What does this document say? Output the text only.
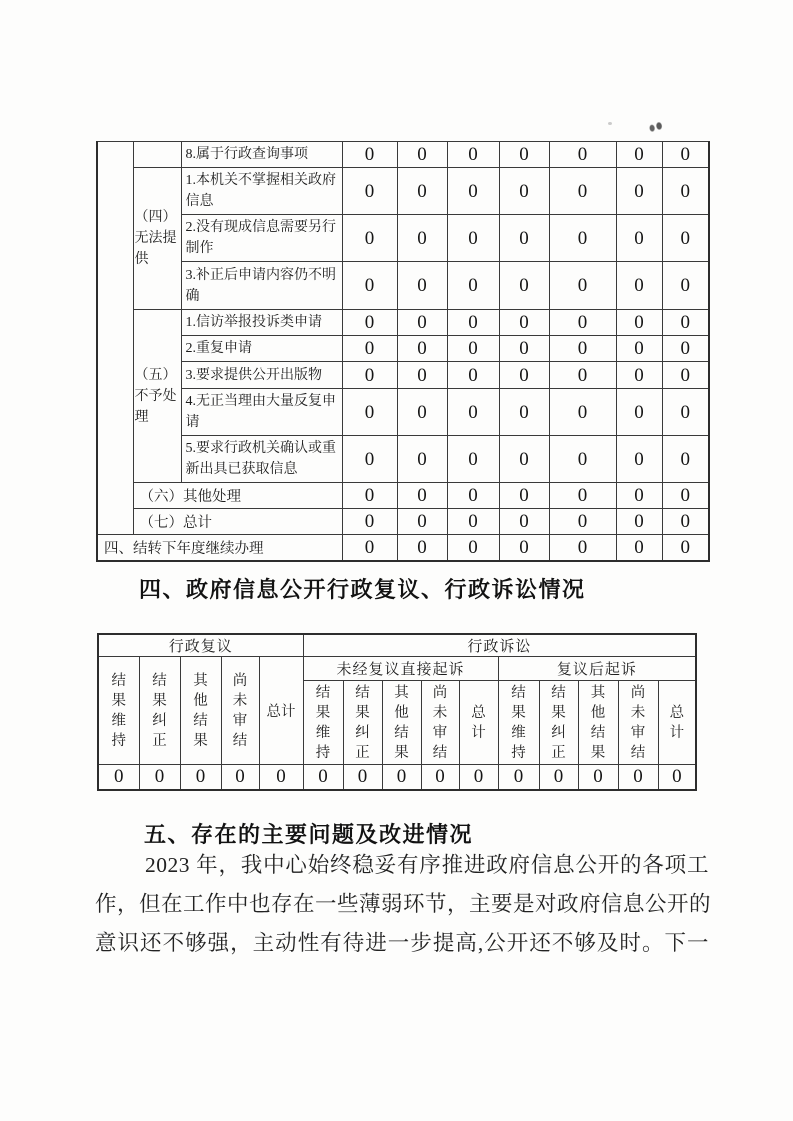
		8.属于行政查询事项	0	0	0	0	0	0	0
	（四）无法提供	1.本机关不掌握相关政府信息	0	0	0	0	0	0	0
		2.没有现成信息需要另行制作	0	0	0	0	0	0	0
		3.补正后申请内容仍不明确	0	0	0	0	0	0	0
	（五）不予处理	1.信访举报投诉类申请	0	0	0	0	0	0	0
		2.重复申请	0	0	0	0	0	0	0
		3.要求提供公开出版物	0	0	0	0	0	0	0
		4.无正当理由大量反复申请	0	0	0	0	0	0	0
		5.要求行政机关确认或重新出具已获取信息	0	0	0	0	0	0	0
	（六）其他处理		0	0	0	0	0	0	0
	（七）总计		0	0	0	0	0	0	0
四、结转下年度继续办理			0	0	0	0	0	0	0
四、政府信息公开行政复议、行政诉讼情况
行政复议					行政诉讼									
结果维持	结果纠正	其他结果	尚未审结	总计	未经复议直接起诉					复议后起诉				
					结果维持	结果纠正	其他结果	尚未审结	总计	结果维持	结果纠正	其他结果	尚未审结	总计
0	0	0	0	0	0	0	0	0	0	0	0	0	0	0
五、存在的主要问题及改进情况
2023 年，我中心始终稳妥有序推进政府信息公开的各项工
作，但在工作中也存在一些薄弱环节，主要是对政府信息公开的
意识还不够强，主动性有待进一步提高,公开还不够及时。下一
